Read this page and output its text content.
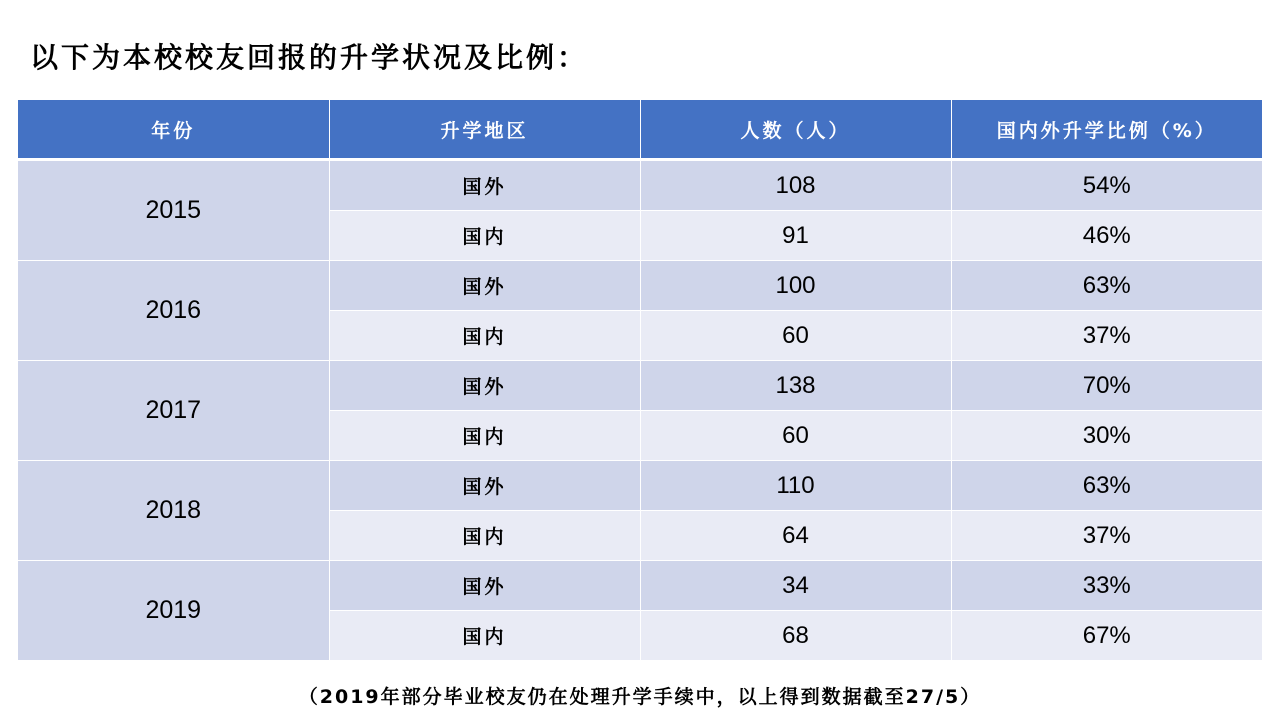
以下为本校校友回报的升学状况及比例：
年份	升学地区	人数（人）	国内外升学比例（%）
2015	国外	108	54%
	国内	91	46%
2016	国外	100	63%
	国内	60	37%
2017	国外	138	70%
	国内	60	30%
2018	国外	110	63%
	国内	64	37%
2019	国外	34	33%
	国内	68	67%
（2019年部分毕业校友仍在处理升学手续中，以上得到数据截至27/5）
